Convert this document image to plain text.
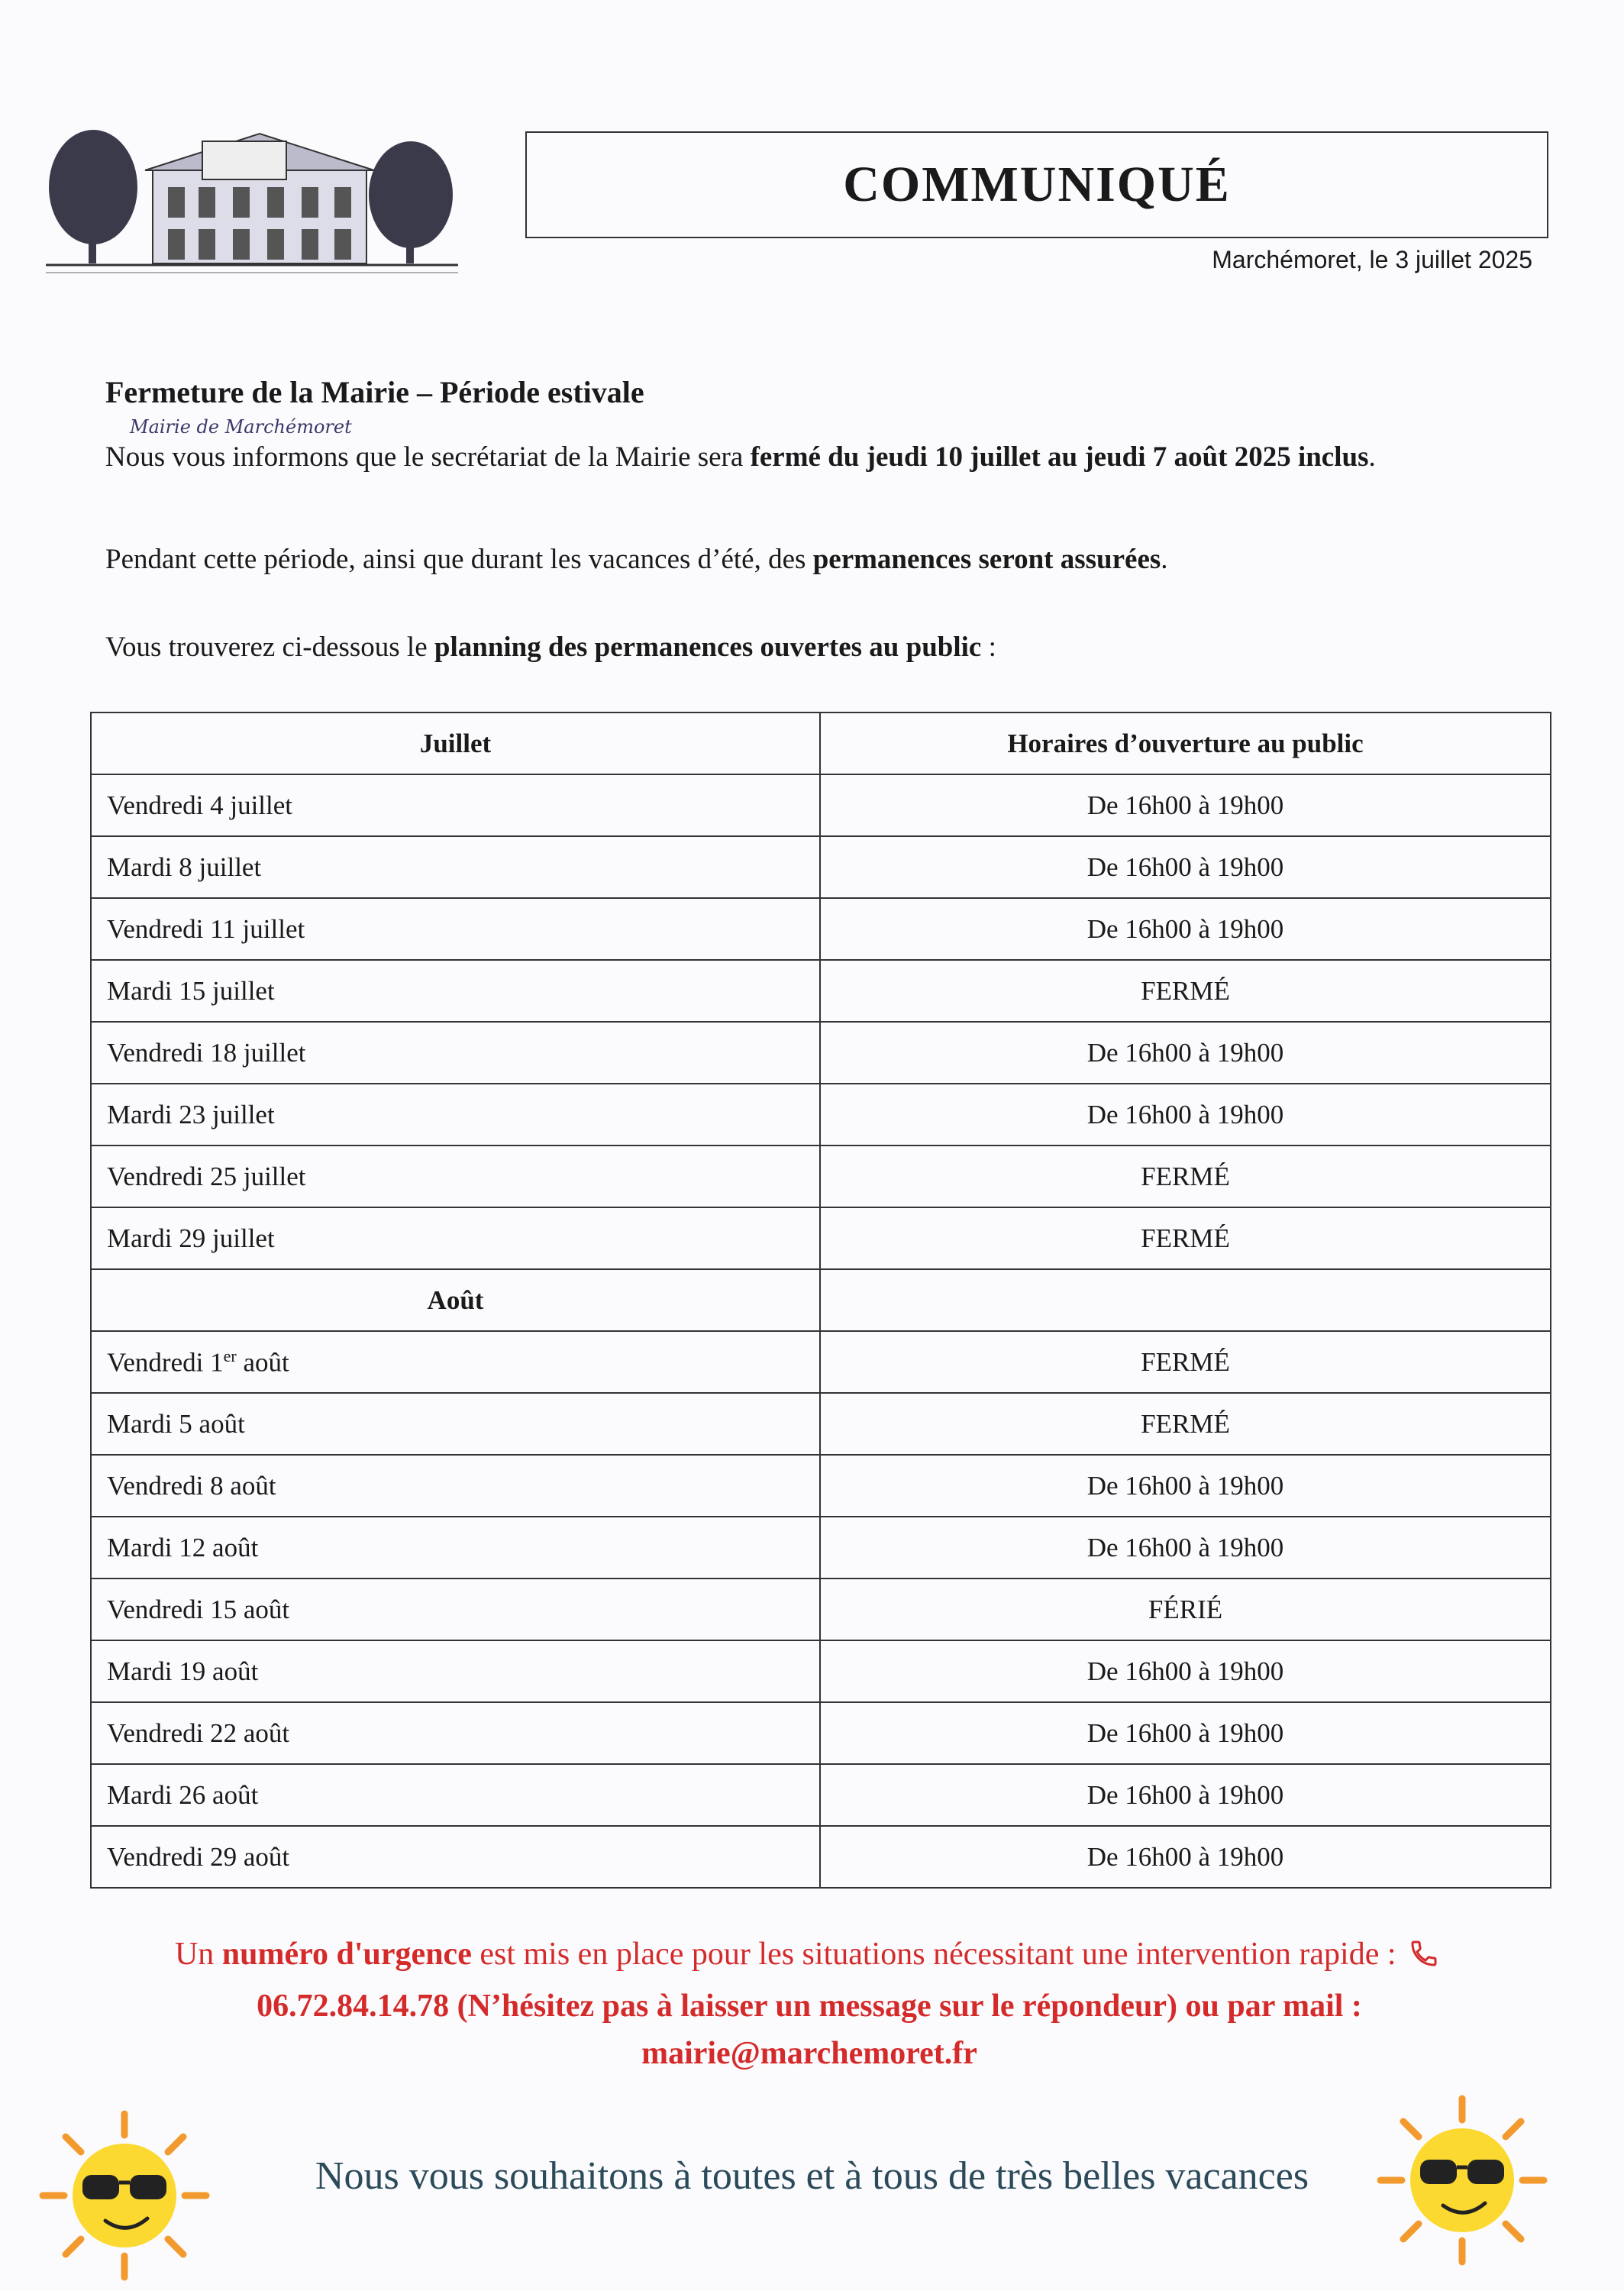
Mairie de Marchémoret
COMMUNIQUÉ
Marchémoret, le 3 juillet 2025
Fermeture de la Mairie – Période estivale
Nous vous informons que le secrétariat de la Mairie sera fermé du jeudi 10 juillet au jeudi 7 août 2025 inclus.
Pendant cette période, ainsi que durant les vacances d’été, des permanences seront assurées.
Vous trouverez ci-dessous le planning des permanences ouvertes au public :
Juillet	Horaires d’ouverture au public
Vendredi 4 juillet	De 16h00 à 19h00
Mardi 8 juillet	De 16h00 à 19h00
Vendredi 11 juillet	De 16h00 à 19h00
Mardi 15 juillet	FERMÉ
Vendredi 18 juillet	De 16h00 à 19h00
Mardi 23 juillet	De 16h00 à 19h00
Vendredi 25 juillet	FERMÉ
Mardi 29 juillet	FERMÉ
Août	
Vendredi 1er août	FERMÉ
Mardi 5 août	FERMÉ
Vendredi 8 août	De 16h00 à 19h00
Mardi 12 août	De 16h00 à 19h00
Vendredi 15 août	FÉRIÉ
Mardi 19 août	De 16h00 à 19h00
Vendredi 22 août	De 16h00 à 19h00
Mardi 26 août	De 16h00 à 19h00
Vendredi 29 août	De 16h00 à 19h00
Un numéro d'urgence est mis en place pour les situations nécessitant une intervention rapide : 06.72.84.14.78 (N’hésitez pas à laisser un message sur le répondeur) ou par mail : mairie@marchemoret.fr
Nous vous souhaitons à toutes et à tous de très belles vacances
